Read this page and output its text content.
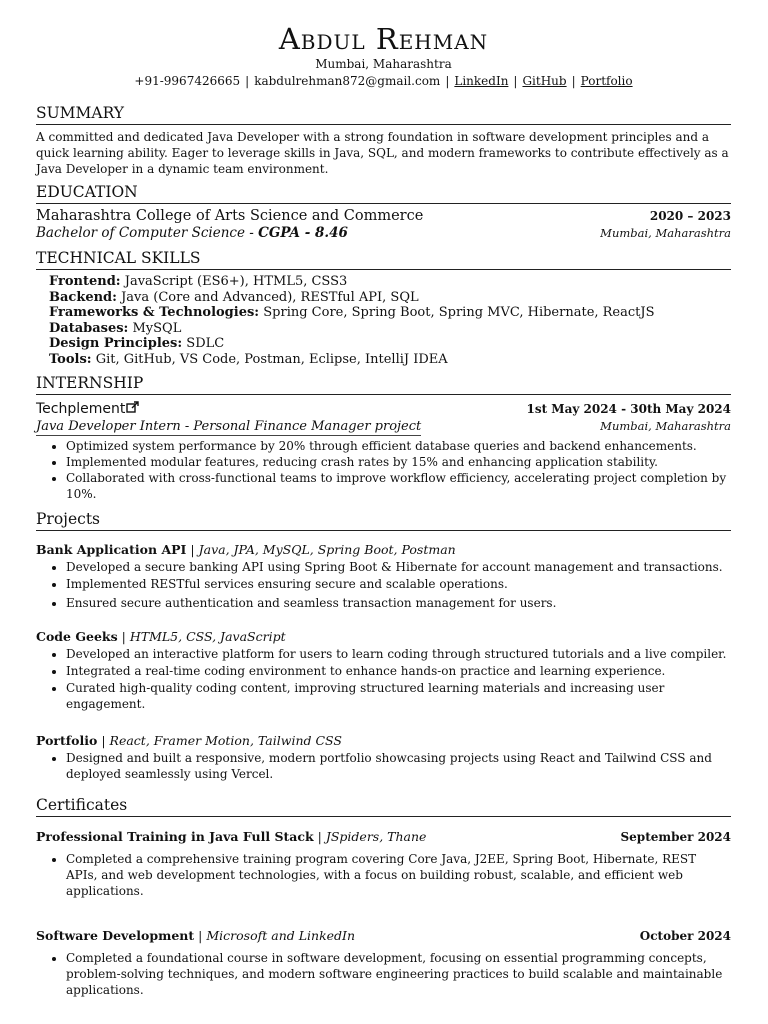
Abdul Rehman
Mumbai, Maharashtra
+91-9967426665 | kabdulrehman872@gmail.com | LinkedIn | GitHub | Portfolio
SUMMARY
A committed and dedicated Java Developer with a strong foundation in software development principles and a quick learning ability. Eager to leverage skills in Java, SQL, and modern frameworks to contribute effectively as a Java Developer in a dynamic team environment.
EDUCATION
Maharashtra College of Arts Science and Commerce	2020 – 2023
Bachelor of Computer Science - CGPA - 8.46	Mumbai, Maharashtra
TECHNICAL SKILLS
Frontend: JavaScript (ES6+), HTML5, CSS3
Backend: Java (Core and Advanced), RESTful API, SQL
Frameworks & Technologies: Spring Core, Spring Boot, Spring MVC, Hibernate, ReactJS
Databases: MySQL
Design Principles: SDLC
Tools: Git, GitHub, VS Code, Postman, Eclipse, IntelliJ IDEA
INTERNSHIP
Techplement	1st May 2024 - 30th May 2024
Java Developer Intern - Personal Finance Manager project	Mumbai, Maharashtra
• Optimized system performance by 20% through efficient database queries and backend enhancements.
• Implemented modular features, reducing crash rates by 15% and enhancing application stability.
• Collaborated with cross-functional teams to improve workflow efficiency, accelerating project completion by 10%.
Projects
Bank Application API | Java, JPA, MySQL, Spring Boot, Postman
• Developed a secure banking API using Spring Boot & Hibernate for account management and transactions.
• Implemented RESTful services ensuring secure and scalable operations.
• Ensured secure authentication and seamless transaction management for users.
Code Geeks | HTML5, CSS, JavaScript
• Developed an interactive platform for users to learn coding through structured tutorials and a live compiler.
• Integrated a real-time coding environment to enhance hands-on practice and learning experience.
• Curated high-quality coding content, improving structured learning materials and increasing user engagement.
Portfolio | React, Framer Motion, Tailwind CSS
• Designed and built a responsive, modern portfolio showcasing projects using React and Tailwind CSS and deployed seamlessly using Vercel.
Certificates
Professional Training in Java Full Stack | JSpiders, Thane	September 2024
• Completed a comprehensive training program covering Core Java, J2EE, Spring Boot, Hibernate, REST APIs, and web development technologies, with a focus on building robust, scalable, and efficient web applications.
Software Development | Microsoft and LinkedIn	October 2024
• Completed a foundational course in software development, focusing on essential programming concepts, problem-solving techniques, and modern software engineering practices to build scalable and maintainable applications.
